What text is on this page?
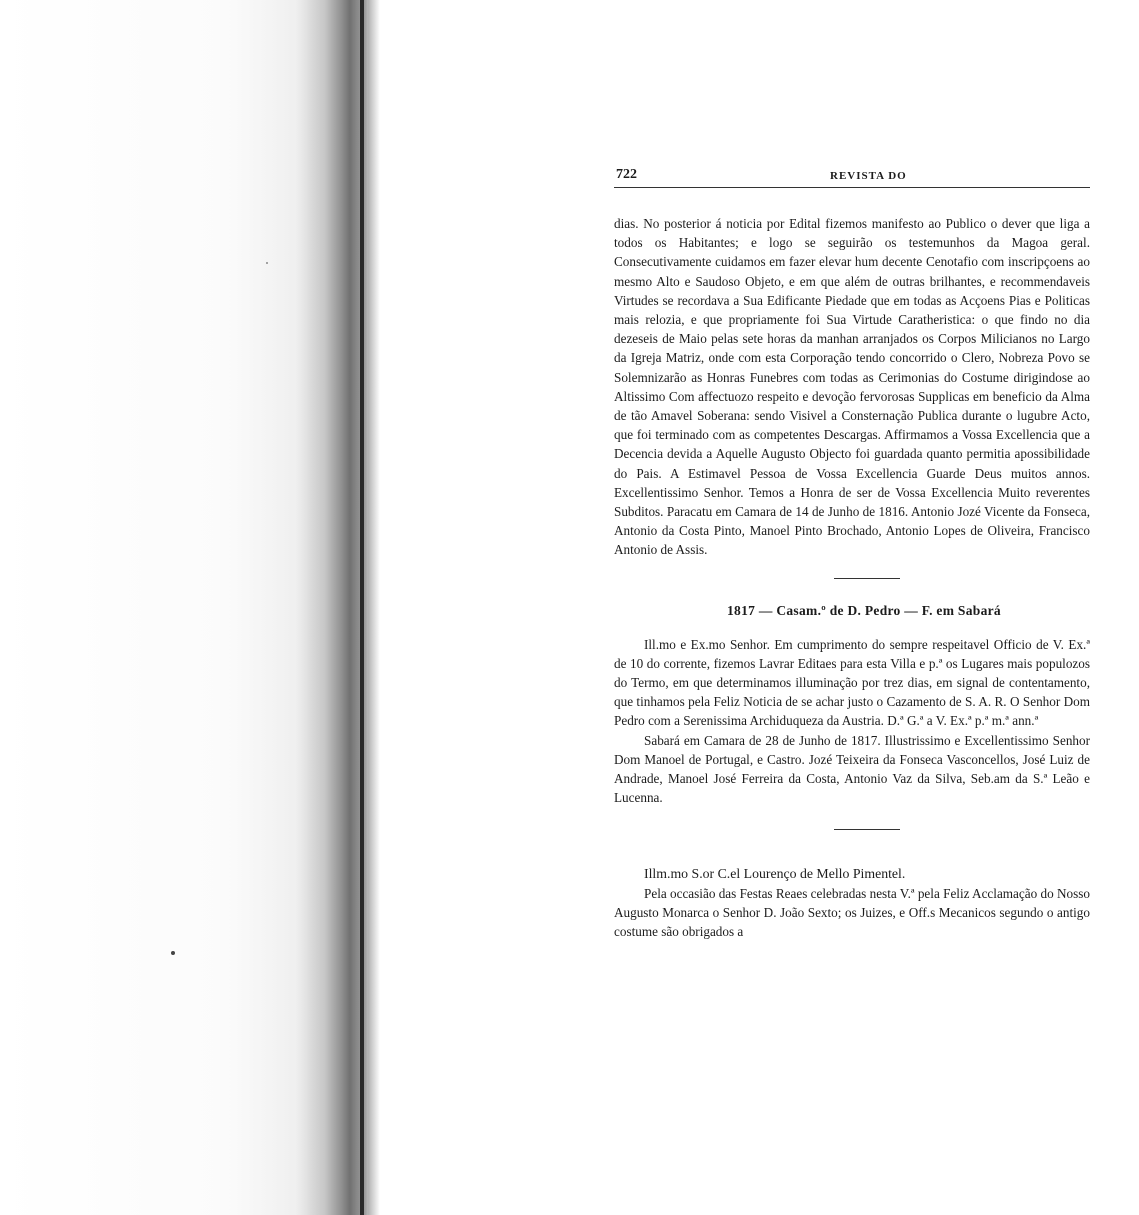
722	REVISTA DO

dias. No posterior á noticia por Edital fizemos manifesto ao Publico o dever que liga a todos os Habitantes; e logo se seguirão os testemunhos da Magoa geral. Consecutivamente cuidamos em fazer elevar hum decente Cenotafio com inscripçoens ao mesmo Alto e Saudoso Objeto, e em que além de outras brilhantes, e recommendaveis Virtudes se recordava a Sua Edificante Piedade que em todas as Acçoens Pias e Politicas mais relozia, e que propriamente foi Sua Virtude Caratheristica: o que findo no dia dezeseis de Maio pelas sete horas da manhan arranjados os Corpos Milicianos no Largo da Igreja Matriz, onde com esta Corporação tendo concorrido o Clero, Nobreza Povo se Solemnizarão as Honras Funebres com todas as Cerimonias do Costume dirigindose ao Altissimo Com affectuozo respeito e devoção fervorosas Supplicas em beneficio da Alma de tão Amavel Soberana: sendo Visivel a Consternação Publica durante o lugubre Acto, que foi terminado com as competentes Descargas. Affirmamos a Vossa Excellencia que a Decencia devida a Aquelle Augusto Objecto foi guardada quanto permitia apossibilidade do Pais. A Estimavel Pessoa de Vossa Excellencia Guarde Deus muitos annos. Excellentissimo Senhor. Temos a Honra de ser de Vossa Excellencia Muito reverentes Subditos. Paracatu em Camara de 14 de Junho de 1816. Antonio Jozé Vicente da Fonseca, Antonio da Costa Pinto, Manoel Pinto Brochado, Antonio Lopes de Oliveira, Francisco Antonio de Assis.

1817 — Casam.º de D. Pedro — F. em Sabará

Ill.mo e Ex.mo Senhor. Em cumprimento do sempre respeitavel Officio de V. Ex.ª de 10 do corrente, fizemos Lavrar Editaes para esta Villa e p.ª os Lugares mais populozos do Termo, em que determinamos illuminação por trez dias, em signal de contentamento, que tinhamos pela Feliz Noticia de se achar justo o Cazamento de S. A. R. O Senhor Dom Pedro com a Serenissima Archiduqueza da Austria. D.ª G.ª a V. Ex.ª p.ª m.ª ann.ª

Sabará em Camara de 28 de Junho de 1817. Illustrissimo e Excellentissimo Senhor Dom Manoel de Portugal, e Castro. Jozé Teixeira da Fonseca Vasconcellos, José Luiz de Andrade, Manoel José Ferreira da Costa, Antonio Vaz da Silva, Seb.am da S.ª Leão e Lucenna.

Illm.mo S.or C.el Lourenço de Mello Pimentel.

Pela occasião das Festas Reaes celebradas nesta V.ª pela Feliz Acclamação do Nosso Augusto Monarca o Senhor D. João Sexto; os Juizes, e Off.s Mecanicos segundo o antigo costume são obrigados a
